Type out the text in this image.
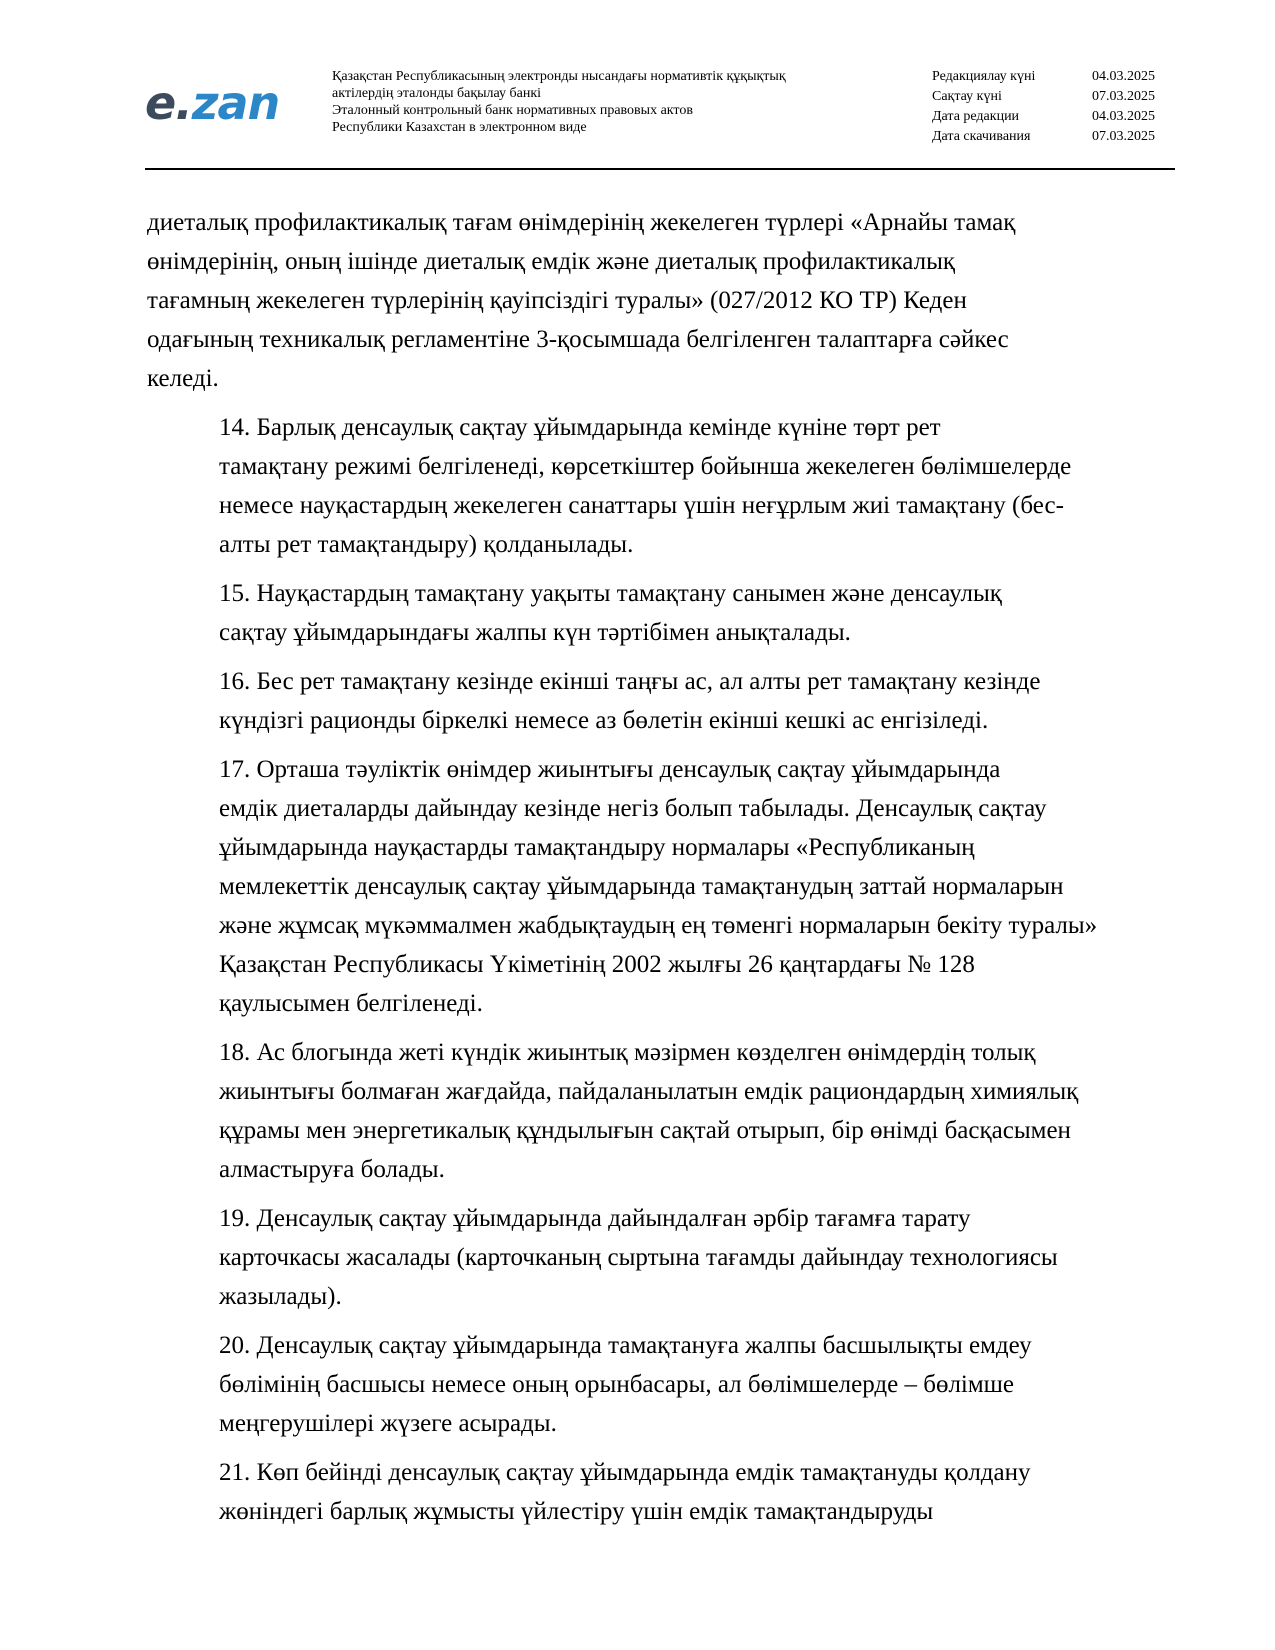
e.zan	Қазақстан Республикасының электронды нысандағы нормативтік құқықтық
актілердің эталонды бақылау банкі
Эталонный контрольный банк нормативных правовых актов
Республики Казахстан в электронном виде
Редакциялау күні	04.03.2025
Сақтау күні	07.03.2025
Дата редакции	04.03.2025
Дата скачивания	07.03.2025

диеталық профилактикалық тағам өнімдерінің жекелеген түрлері «Арнайы тамақ
өнімдерінің, оның ішінде диеталық емдік және диеталық профилактикалық
тағамның жекелеген түрлерінің қауіпсіздігі туралы» (027/2012 КО ТР) Кеден
одағының техникалық регламентіне 3-қосымшада белгіленген талаптарға сәйкес
келеді.

14. Барлық денсаулық сақтау ұйымдарында кемінде күніне төрт рет
тамақтану режимі белгіленеді, көрсеткіштер бойынша жекелеген бөлімшелерде
немесе науқастардың жекелеген санаттары үшін неғұрлым жиі тамақтану (бес-
алты рет тамақтандыру) қолданылады.

15. Науқастардың тамақтану уақыты тамақтану санымен және денсаулық
сақтау ұйымдарындағы жалпы күн тәртібімен анықталады.

16. Бес рет тамақтану кезінде екінші таңғы ас, ал алты рет тамақтану кезінде
күндізгі рационды біркелкі немесе аз бөлетін екінші кешкі ас енгізіледі.

17. Орташа тәуліктік өнімдер жиынтығы денсаулық сақтау ұйымдарында
емдік диеталарды дайындау кезінде негіз болып табылады. Денсаулық сақтау
ұйымдарында науқастарды тамақтандыру нормалары «Республиканың
мемлекеттік денсаулық сақтау ұйымдарында тамақтанудың заттай нормаларын
және жұмсақ мүкәммалмен жабдықтаудың ең төменгі нормаларын бекіту туралы»
Қазақстан Республикасы Үкіметінің 2002 жылғы 26 қаңтардағы № 128
қаулысымен белгіленеді.

18. Ас блогында жеті күндік жиынтық мәзірмен көзделген өнімдердің толық
жиынтығы болмаған жағдайда, пайдаланылатын емдік рациондардың химиялық
құрамы мен энергетикалық құндылығын сақтай отырып, бір өнімді басқасымен
алмастыруға болады.

19. Денсаулық сақтау ұйымдарында дайындалған әрбір тағамға тарату
карточкасы жасалады (карточканың сыртына тағамды дайындау технологиясы
жазылады).

20. Денсаулық сақтау ұйымдарында тамақтануға жалпы басшылықты емдеу
бөлімінің басшысы немесе оның орынбасары, ал бөлімшелерде – бөлімше
меңгерушілері жүзеге асырады.

21. Көп бейінді денсаулық сақтау ұйымдарында емдік тамақтануды қолдану
жөніндегі барлық жұмысты үйлестіру үшін емдік тамақтандыруды
